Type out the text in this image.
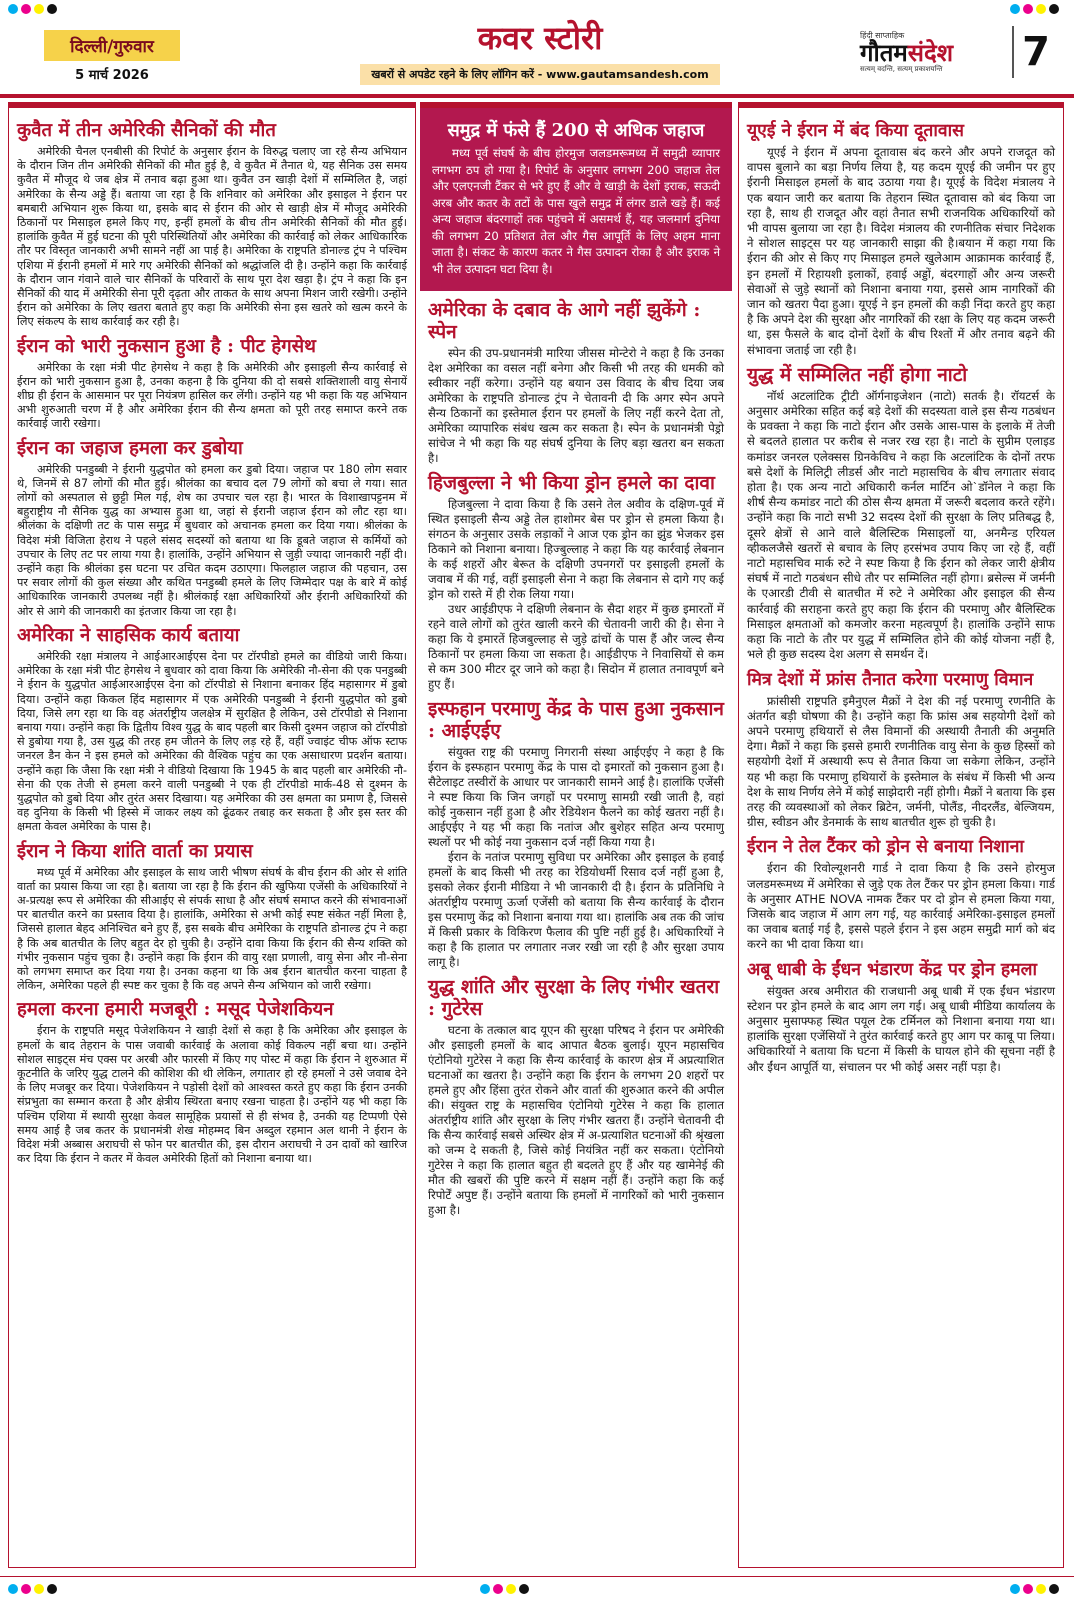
दिल्ली/गुरुवार
5 मार्च 2026
कवर स्टोरी
खबरों से अपडेट रहने के लिए लॉगिन करें - www.gautamsandesh.com
हिंदी साप्ताहिक
गौतमसंदेश
सत्यम् वदन्ति, सत्यम् प्रकाशयन्ति	7
कुवैत में तीन अमेरिकी सैनिकों की मौत

अमेरिकी चैनल एनबीसी की रिपोर्ट के अनुसार ईरान के विरुद्ध चलाए जा रहे सैन्य अभियान के दौरान जिन तीन अमेरिकी सैनिकों की मौत हुई है, वे कुवैत में तैनात थे, यह सैनिक उस समय कुवैत में मौजूद थे जब क्षेत्र में तनाव बढ़ा हुआ था। कुवैत उन खाड़ी देशों में सम्मिलित है, जहां अमेरिका के सैन्य अड्डे हैं। बताया जा रहा है कि शनिवार को अमेरिका और इसाइल ने ईरान पर बमबारी अभियान शुरू किया था, इसके बाद से ईरान की ओर से खाड़ी क्षेत्र में मौजूद अमेरिकी ठिकानों पर मिसाइल हमले किए गए, इन्हीं हमलों के बीच तीन अमेरिकी सैनिकों की मौत हुई। हालांकि कुवैत में हुई घटना की पूरी परिस्थितियों और अमेरिका की कार्रवाई को लेकर आधिकारिक तौर पर विस्तृत जानकारी अभी सामने नहीं आ पाई है। अमेरिका के राष्ट्रपति डोनाल्ड ट्रंप ने पश्चिम एशिया में ईरानी हमलों में मारे गए अमेरिकी सैनिकों को श्रद्धांजलि दी है। उन्होंने कहा कि कार्रवाई के दौरान जान गंवाने वाले चार सैनिकों के परिवारों के साथ पूरा देश खड़ा है। ट्रंप ने कहा कि इन सैनिकों की याद में अमेरिकी सेना पूरी दृढ़ता और ताकत के साथ अपना मिशन जारी रखेगी। उन्होंने ईरान को अमेरिका के लिए खतरा बताते हुए कहा कि अमेरिकी सेना इस खतरे को खत्म करने के लिए संकल्प के साथ कार्रवाई कर रही है।

ईरान को भारी नुकसान हुआ है : पीट हेगसेथ

अमेरिका के रक्षा मंत्री पीट हेगसेथ ने कहा है कि अमेरिकी और इसाइली सैन्य कार्रवाई से ईरान को भारी नुकसान हुआ है, उनका कहना है कि दुनिया की दो सबसे शक्तिशाली वायु सेनायें शीघ्र ही ईरान के आसमान पर पूरा नियंत्रण हासिल कर लेंगी। उन्होंने यह भी कहा कि यह अभियान अभी शुरुआती चरण में है और अमेरिका ईरान की सैन्य क्षमता को पूरी तरह समाप्त करने तक कार्रवाई जारी रखेगा।

ईरान का जहाज हमला कर डुबोया

अमेरिकी पनडुब्बी ने ईरानी युद्धपोत को हमला कर डुबो दिया। जहाज पर 180 लोग सवार थे, जिनमें से 87 लोगों की मौत हुई। श्रीलंका का बचाव दल 79 लोगों को बचा ले गया। सात लोगों को अस्पताल से छुट्टी मिल गई, शेष का उपचार चल रहा है। भारत के विशाखापट्टनम में बहुराष्ट्रीय नौ सैनिक युद्ध का अभ्यास हुआ था, जहां से ईरानी जहाज ईरान को लौट रहा था। श्रीलंका के दक्षिणी तट के पास समुद्र में बुधवार को अचानक हमला कर दिया गया। श्रीलंका के विदेश मंत्री विजिता हेराथ ने पहले संसद सदस्यों को बताया था कि डूबते जहाज से कर्मियों को उपचार के लिए तट पर लाया गया है। हालांकि, उन्होंने अभियान से जुड़ी ज्यादा जानकारी नहीं दी। उन्होंने कहा कि श्रीलंका इस घटना पर उचित कदम उठाएगा। फिलहाल जहाज की पहचान, उस पर सवार लोगों की कुल संख्या और कथित पनडुब्बी हमले के लिए जिम्मेदार पक्ष के बारे में कोई आधिकारिक जानकारी उपलब्ध नहीं है। श्रीलंकाई रक्षा अधिकारियों और ईरानी अधिकारियों की ओर से आगे की जानकारी का इंतजार किया जा रहा है।

अमेरिका ने साहसिक कार्य बताया

अमेरिकी रक्षा मंत्रालय ने आईआरआईएस देना पर टॉरपीडो हमले का वीडियो जारी किया। अमेरिका के रक्षा मंत्री पीट हेगसेथ ने बुधवार को दावा किया कि अमेरिकी नौ-सेना की एक पनडुब्बी ने ईरान के युद्धपोत आईआरआईएस देना को टॉरपीडो से निशाना बनाकर हिंद महासागर में डुबो दिया। उन्होंने कहा किकल हिंद महासागर में एक अमेरिकी पनडुब्बी ने ईरानी युद्धपोत को डुबो दिया, जिसे लग रहा था कि वह अंतर्राष्ट्रीय जलक्षेत्र में सुरक्षित है लेकिन, उसे टॉरपीडो से निशाना बनाया गया। उन्होंने कहा कि द्वितीय विश्व युद्ध के बाद पहली बार किसी दुश्मन जहाज को टॉरपीडो से डुबोया गया है, उस युद्ध की तरह हम जीतने के लिए लड़ रहे हैं, वहीं ज्वाइंट चीफ ऑफ स्टाफ जनरल डैन केन ने इस हमले को अमेरिका की वैश्विक पहुंच का एक असाधारण प्रदर्शन बताया। उन्होंने कहा कि जैसा कि रक्षा मंत्री ने वीडियो दिखाया कि 1945 के बाद पहली बार अमेरिकी नौ-सेना की एक तेजी से हमला करने वाली पनडुब्बी ने एक ही टॉरपीडो मार्क-48 से दुश्मन के युद्धपोत को डुबो दिया और तुरंत असर दिखाया। यह अमेरिका की उस क्षमता का प्रमाण है, जिससे वह दुनिया के किसी भी हिस्से में जाकर लक्ष्य को ढूंढकर तबाह कर सकता है और इस स्तर की क्षमता केवल अमेरिका के पास है।

ईरान ने किया शांति वार्ता का प्रयास

मध्य पूर्व में अमेरिका और इसाइल के साथ जारी भीषण संघर्ष के बीच ईरान की ओर से शांति वार्ता का प्रयास किया जा रहा है। बताया जा रहा है कि ईरान की खुफिया एजेंसी के अधिकारियों ने अ-प्रत्यक्ष रूप से अमेरिका की सीआईए से संपर्क साधा है और संघर्ष समाप्त करने की संभावनाओं पर बातचीत करने का प्रस्ताव दिया है। हालांकि, अमेरिका से अभी कोई स्पष्ट संकेत नहीं मिला है, जिससे हालात बेहद अनिश्चित बने हुए हैं, इस सबके बीच अमेरिका के राष्ट्रपति डोनाल्ड ट्रंप ने कहा है कि अब बातचीत के लिए बहुत देर हो चुकी है। उन्होंने दावा किया कि ईरान की सैन्य शक्ति को गंभीर नुकसान पहुंच चुका है। उन्होंने कहा कि ईरान की वायु रक्षा प्रणाली, वायु सेना और नौ-सेना को लगभग समाप्त कर दिया गया है। उनका कहना था कि अब ईरान बातचीत करना चाहता है लेकिन, अमेरिका पहले ही स्पष्ट कर चुका है कि वह अपने सैन्य अभियान को जारी रखेगा।

हमला करना हमारी मजबूरी : मसूद पेजेशकियन

ईरान के राष्ट्रपति मसूद पेजेशकियन ने खाड़ी देशों से कहा है कि अमेरिका और इसाइल के हमलों के बाद तेहरान के पास जवाबी कार्रवाई के अलावा कोई विकल्प नहीं बचा था। उन्होंने सोशल साइट्स मंच एक्स पर अरबी और फारसी में किए गए पोस्ट में कहा कि ईरान ने शुरुआत में कूटनीति के जरिए युद्ध टालने की कोशिश की थी लेकिन, लगातार हो रहे हमलों ने उसे जवाब देने के लिए मजबूर कर दिया। पेजेशकियन ने पड़ोसी देशों को आश्वस्त करते हुए कहा कि ईरान उनकी संप्रभुता का सम्मान करता है और क्षेत्रीय स्थिरता बनाए रखना चाहता है। उन्होंने यह भी कहा कि पश्चिम एशिया में स्थायी सुरक्षा केवल सामूहिक प्रयासों से ही संभव है, उनकी यह टिप्पणी ऐसे समय आई है जब कतर के प्रधानमंत्री शेख मोहम्मद बिन अब्दुल रहमान अल थानी ने ईरान के विदेश मंत्री अब्बास अराघची से फोन पर बातचीत की, इस दौरान अराघची ने उन दावों को खारिज कर दिया कि ईरान ने कतर में केवल अमेरिकी हितों को निशाना बनाया था।

समुद्र में फंसे हैं 200 से अधिक जहाज

मध्य पूर्व संघर्ष के बीच होरमुज जलडमरूमध्य में समुद्री व्यापार लगभग ठप हो गया है। रिपोर्ट के अनुसार लगभग 200 जहाज तेल और एलएनजी टैंकर से भरे हुए हैं और वे खाड़ी के देशों इराक, सऊदी अरब और कतर के तटों के पास खुले समुद्र में लंगर डाले खड़े हैं। कई अन्य जहाज बंदरगाहों तक पहुंचने में असमर्थ हैं, यह जलमार्ग दुनिया की लगभग 20 प्रतिशत तेल और गैस आपूर्ति के लिए अहम माना जाता है। संकट के कारण कतर ने गैस उत्पादन रोका है और इराक ने भी तेल उत्पादन घटा दिया है।

अमेरिका के दबाव के आगे नहीं झुकेंगे : स्पेन

स्पेन की उप-प्रधानमंत्री मारिया जीसस मोन्टेरो ने कहा है कि उनका देश अमेरिका का वसल नहीं बनेगा और किसी भी तरह की धमकी को स्वीकार नहीं करेगा। उन्होंने यह बयान उस विवाद के बीच दिया जब अमेरिका के राष्ट्रपति डोनाल्ड ट्रंप ने चेतावनी दी कि अगर स्पेन अपने सैन्य ठिकानों का इस्तेमाल ईरान पर हमलों के लिए नहीं करने देता तो, अमेरिका व्यापारिक संबंध खत्म कर सकता है। स्पेन के प्रधानमंत्री पेड्रो सांचेज ने भी कहा कि यह संघर्ष दुनिया के लिए बड़ा खतरा बन सकता है।

हिजबुल्ला ने भी किया ड्रोन हमले का दावा

हिजबुल्ला ने दावा किया है कि उसने तेल अवीव के दक्षिण-पूर्व में स्थित इसाइली सैन्य अड्डे तेल हाशोमर बेस पर ड्रोन से हमला किया है। संगठन के अनुसार उसके लड़ाकों ने आज एक ड्रोन का झुंड भेजकर इस ठिकाने को निशाना बनाया। हिज्बुल्लाह ने कहा कि यह कार्रवाई लेबनान के कई शहरों और बेरूत के दक्षिणी उपनगरों पर इसाइली हमलों के जवाब में की गई, वहीं इसाइली सेना ने कहा कि लेबनान से दागे गए कई ड्रोन को रास्ते में ही रोक लिया गया।

उधर आईडीएफ ने दक्षिणी लेबनान के सैदा शहर में कुछ इमारतों में रहने वाले लोगों को तुरंत खाली करने की चेतावनी जारी की है। सेना ने कहा कि ये इमारतें हिजबुल्लाह से जुड़े ढांचों के पास हैं और जल्द सैन्य ठिकानों पर हमला किया जा सकता है। आईडीएफ ने निवासियों से कम से कम 300 मीटर दूर जाने को कहा है। सिदोन में हालात तनावपूर्ण बने हुए हैं।

इस्फहान परमाणु केंद्र के पास हुआ नुकसान : आईएईए

संयुक्त राष्ट्र की परमाणु निगरानी संस्था आईएईए ने कहा है कि ईरान के इस्फहान परमाणु केंद्र के पास दो इमारतों को नुकसान हुआ है। सैटेलाइट तस्वीरों के आधार पर जानकारी सामने आई है। हालांकि एजेंसी ने स्पष्ट किया कि जिन जगहों पर परमाणु सामग्री रखी जाती है, वहां कोई नुकसान नहीं हुआ है और रेडियेशन फैलने का कोई खतरा नहीं है। आईएईए ने यह भी कहा कि नतांज और बुशेहर सहित अन्य परमाणु स्थलों पर भी कोई नया नुकसान दर्ज नहीं किया गया है।

ईरान के नतांज परमाणु सुविधा पर अमेरिका और इसाइल के हवाई हमलों के बाद किसी भी तरह का रेडियोधर्मी रिसाव दर्ज नहीं हुआ है, इसको लेकर ईरानी मीडिया ने भी जानकारी दी है। ईरान के प्रतिनिधि ने अंतर्राष्ट्रीय परमाणु ऊर्जा एजेंसी को बताया कि सैन्य कार्रवाई के दौरान इस परमाणु केंद्र को निशाना बनाया गया था। हालांकि अब तक की जांच में किसी प्रकार के विकिरण फैलाव की पुष्टि नहीं हुई है। अधिकारियों ने कहा है कि हालात पर लगातार नजर रखी जा रही है और सुरक्षा उपाय लागू है।

युद्ध शांति और सुरक्षा के लिए गंभीर खतरा : गुटेरेस

घटना के तत्काल बाद यूएन की सुरक्षा परिषद ने ईरान पर अमेरिकी और इसाइली हमलों के बाद आपात बैठक बुलाई। यूएन महासचिव एंटोनियो गुटेरेस ने कहा कि सैन्य कार्रवाई के कारण क्षेत्र में अप्रत्याशित घटनाओं का खतरा है। उन्होंने कहा कि ईरान के लगभग 20 शहरों पर हमले हुए और हिंसा तुरंत रोकने और वार्ता की शुरुआत करने की अपील की। संयुक्त राष्ट्र के महासचिव एंटोनियो गुटेरेस ने कहा कि हालात अंतर्राष्ट्रीय शांति और सुरक्षा के लिए गंभीर खतरा हैं। उन्होंने चेतावनी दी कि सैन्य कार्रवाई सबसे अस्थिर क्षेत्र में अ-प्रत्याशित घटनाओं की श्रृंखला को जन्म दे सकती है, जिसे कोई नियंत्रित नहीं कर सकता। एंटोनियो गुटेरेस ने कहा कि हालात बहुत ही बदलते हुए हैं और यह खामेनेई की मौत की खबरों की पुष्टि करने में सक्षम नहीं हैं। उन्होंने कहा कि कई रिपोर्टें अपुष्ट हैं। उन्होंने बताया कि हमलों में नागरिकों को भारी नुकसान हुआ है।

यूएई ने ईरान में बंद किया दूतावास

यूएई ने ईरान में अपना दूतावास बंद करने और अपने राजदूत को वापस बुलाने का बड़ा निर्णय लिया है, यह कदम यूएई की जमीन पर हुए ईरानी मिसाइल हमलों के बाद उठाया गया है। यूएई के विदेश मंत्रालय ने एक बयान जारी कर बताया कि तेहरान स्थित दूतावास को बंद किया जा रहा है, साथ ही राजदूत और वहां तैनात सभी राजनयिक अधिकारियों को भी वापस बुलाया जा रहा है। विदेश मंत्रालय की रणनीतिक संचार निदेशक ने सोशल साइट्स पर यह जानकारी साझा की है।बयान में कहा गया कि ईरान की ओर से किए गए मिसाइल हमले खुलेआम आक्रामक कार्रवाई हैं, इन हमलों में रिहायशी इलाकों, हवाई अड्डों, बंदरगाहों और अन्य जरूरी सेवाओं से जुड़े स्थानों को निशाना बनाया गया, इससे आम नागरिकों की जान को खतरा पैदा हुआ। यूएई ने इन हमलों की कड़ी निंदा करते हुए कहा है कि अपने देश की सुरक्षा और नागरिकों की रक्षा के लिए यह कदम जरूरी था, इस फैसले के बाद दोनों देशों के बीच रिश्तों में और तनाव बढ़ने की संभावना जताई जा रही है।

युद्ध में सम्मिलित नहीं होगा नाटो

नॉर्थ अटलांटिक ट्रीटी ऑर्गनाइजेशन (नाटो) सतर्क है। रॉयटर्स के अनुसार अमेरिका सहित कई बड़े देशों की सदस्यता वाले इस सैन्य गठबंधन के प्रवक्ता ने कहा कि नाटो ईरान और उसके आस-पास के इलाके में तेजी से बदलते हालात पर करीब से नजर रख रहा है। नाटो के सुप्रीम एलाइड कमांडर जनरल एलेक्सस ग्रिनकेविच ने कहा कि अटलांटिक के दोनों तरफ बसे देशों के मिलिट्री लीडर्स और नाटो महासचिव के बीच लगातार संवाद होता है। एक अन्य नाटो अधिकारी कर्नल मार्टिन ओ`डॉनेल ने कहा कि शीर्ष सैन्य कमांडर नाटो की ठोस सैन्य क्षमता में जरूरी बदलाव करते रहेंगे। उन्होंने कहा कि नाटो सभी 32 सदस्य देशों की सुरक्षा के लिए प्रतिबद्ध है, दूसरे क्षेत्रों से आने वाले बैलिस्टिक मिसाइलों या, अनमैन्ड एरियल व्हीकलजैसे खतरों से बचाव के लिए हरसंभव उपाय किए जा रहे हैं, वहीं नाटो महासचिव मार्क रुटे ने स्पष्ट किया है कि ईरान को लेकर जारी क्षेत्रीय संघर्ष में नाटो गठबंधन सीधे तौर पर सम्मिलित नहीं होगा। ब्रसेल्स में जर्मनी के एआरडी टीवी से बातचीत में रुटे ने अमेरिका और इसाइल की सैन्य कार्रवाई की सराहना करते हुए कहा कि ईरान की परमाणु और बैलिस्टिक मिसाइल क्षमताओं को कमजोर करना महत्वपूर्ण है। हालांकि उन्होंने साफ कहा कि नाटो के तौर पर युद्ध में सम्मिलित होने की कोई योजना नहीं है, भले ही कुछ सदस्य देश अलग से समर्थन दें।

मित्र देशों में फ्रांस तैनात करेगा परमाणु विमान

फ्रांसीसी राष्ट्रपति इमैनुएल मैक्रों ने देश की नई परमाणु रणनीति के अंतर्गत बड़ी घोषणा की है। उन्होंने कहा कि फ्रांस अब सहयोगी देशों को अपने परमाणु हथियारों से लैस विमानों की अस्थायी तैनाती की अनुमति देगा। मैक्रों ने कहा कि इससे हमारी रणनीतिक वायु सेना के कुछ हिस्सों को सहयोगी देशों में अस्थायी रूप से तैनात किया जा सकेगा लेकिन, उन्होंने यह भी कहा कि परमाणु हथियारों के इस्तेमाल के संबंध में किसी भी अन्य देश के साथ निर्णय लेने में कोई साझेदारी नहीं होगी। मैक्रों ने बताया कि इस तरह की व्यवस्थाओं को लेकर ब्रिटेन, जर्मनी, पोलैंड, नीदरलैंड, बेल्जियम, ग्रीस, स्वीडन और डेनमार्क के साथ बातचीत शुरू हो चुकी है।

ईरान ने तेल टैंकर को ड्रोन से बनाया निशाना

ईरान की रिवोल्यूशनरी गार्ड ने दावा किया है कि उसने होरमुज जलडमरूमध्य में अमेरिका से जुड़े एक तेल टैंकर पर ड्रोन हमला किया। गार्ड के अनुसार ATHE NOVA नामक टैंकर पर दो ड्रोन से हमला किया गया, जिसके बाद जहाज में आग लग गई, यह कार्रवाई अमेरिका-इसाइल हमलों का जवाब बताई गई है, इससे पहले ईरान ने इस अहम समुद्री मार्ग को बंद करने का भी दावा किया था।

अबू धाबी के ईंधन भंडारण केंद्र पर ड्रोन हमला

संयुक्त अरब अमीरात की राजधानी अबू धाबी में एक ईंधन भंडारण स्टेशन पर ड्रोन हमले के बाद आग लग गई। अबू धाबी मीडिया कार्यालय के अनुसार मुसाफ्फह स्थित पयूल टेक टर्मिनल को निशाना बनाया गया था। हालांकि सुरक्षा एजेंसियों ने तुरंत कार्रवाई करते हुए आग पर काबू पा लिया। अधिकारियों ने बताया कि घटना में किसी के घायल होने की सूचना नहीं है और ईंधन आपूर्ति या, संचालन पर भी कोई असर नहीं पड़ा है।
